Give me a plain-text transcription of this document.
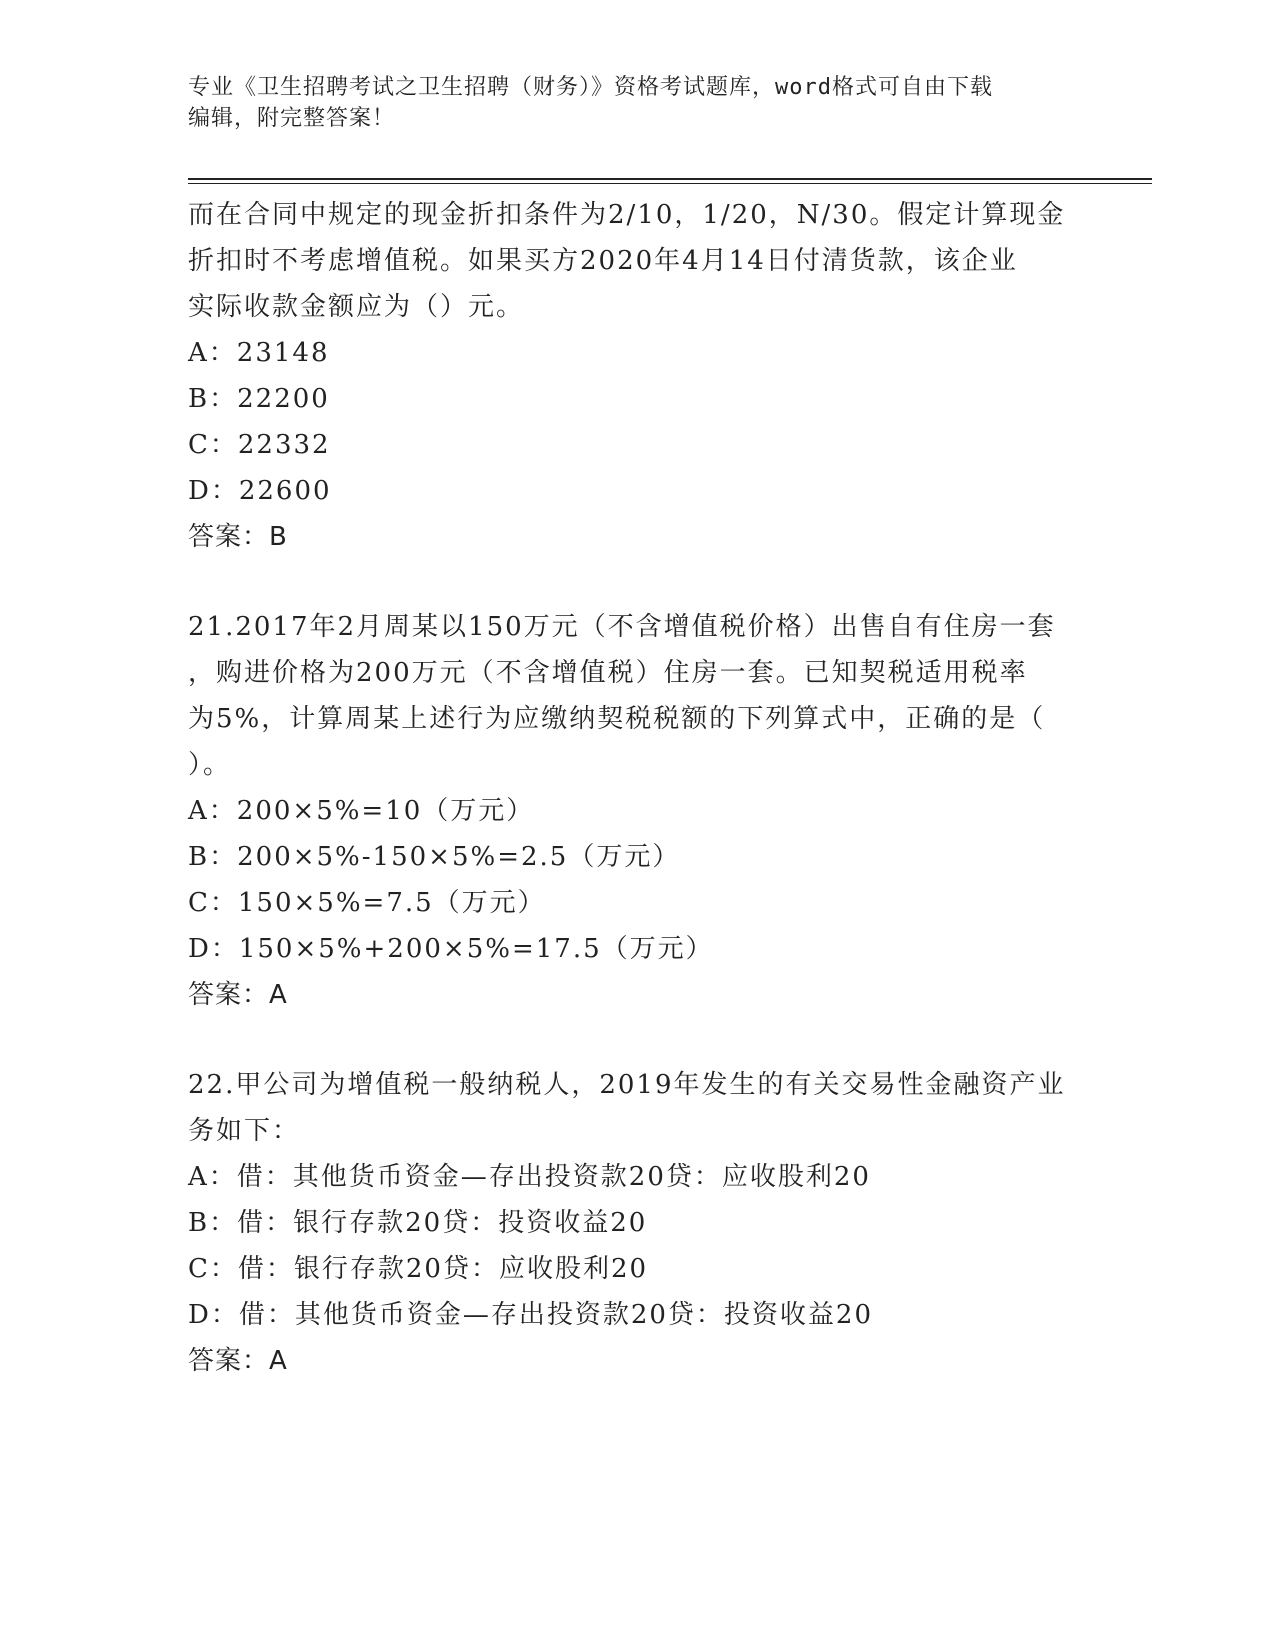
专业《卫生招聘考试之卫生招聘（财务）》资格考试题库，word格式可自由下载
编辑，附完整答案！
而在合同中规定的现金折扣条件为2/10，1/20，N/30。假定计算现金
折扣时不考虑增值税。如果买方2020年4月14日付清货款，该企业
实际收款金额应为（）元。
A：23148
B：22200
C：22332
D：22600
答案：B
21.2017年2月周某以150万元（不含增值税价格）出售自有住房一套
，购进价格为200万元（不含增值税）住房一套。已知契税适用税率
为5%，计算周某上述行为应缴纳契税税额的下列算式中，正确的是（
）。
A：200×5%=10（万元）
B：200×5%-150×5%=2.5（万元）
C：150×5%=7.5（万元）
D：150×5%+200×5%=17.5（万元）
答案：A
22.甲公司为增值税一般纳税人，2019年发生的有关交易性金融资产业
务如下：
A：借：其他货币资金—存出投资款20贷：应收股利20
B：借：银行存款20贷：投资收益20
C：借：银行存款20贷：应收股利20
D：借：其他货币资金—存出投资款20贷：投资收益20
答案：A
